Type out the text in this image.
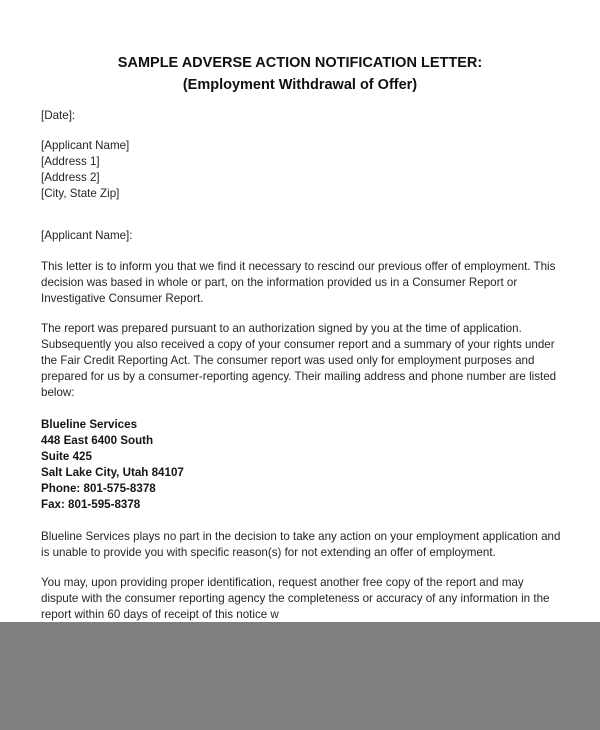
SAMPLE ADVERSE ACTION NOTIFICATION LETTER:
(Employment Withdrawal of Offer)
[Date]:
[Applicant Name]
[Address 1]
[Address 2]
[City, State Zip]
[Applicant Name]:
This letter is to inform you that we find it necessary to rescind our previous offer of employment. This
decision was based in whole or part, on the information provided us in a Consumer Report or
Investigative Consumer Report.
The report was prepared pursuant to an authorization signed by you at the time of application.
Subsequently you also received a copy of your consumer report and a summary of your rights under
the Fair Credit Reporting Act. The consumer report was used only for employment purposes and
prepared for us by a consumer-reporting agency. Their mailing address and phone number are listed
below:
Blueline Services
448 East 6400 South
Suite 425
Salt Lake City, Utah 84107
Phone: 801-575-8378
Fax: 801-595-8378
Blueline Services plays no part in the decision to take any action on your employment application and
is unable to provide you with specific reason(s) for not extending an offer of employment.
You may, upon providing proper identification, request another free copy of the report and may
dispute with the consumer reporting agency the completeness or accuracy of any information in the
report within 60 days of receipt of this notice w
